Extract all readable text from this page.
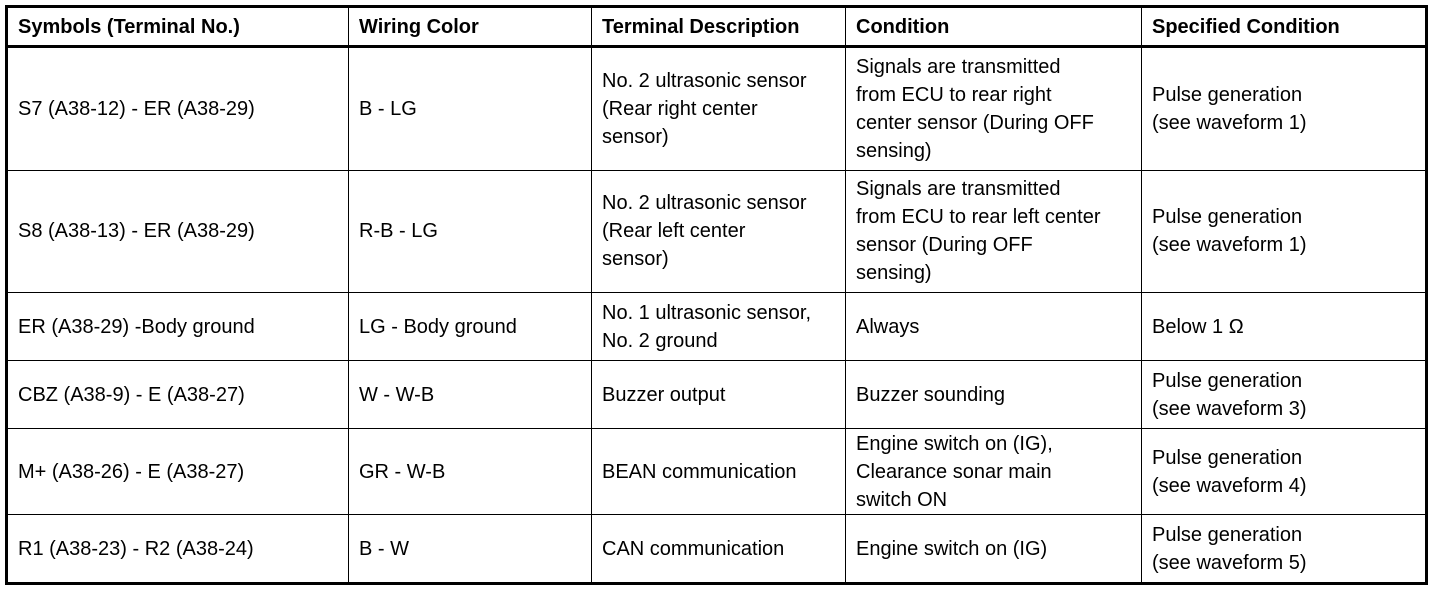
Symbols (Terminal No.)	Wiring Color	Terminal Description	Condition	Specified Condition
S7 (A38-12) - ER (A38-29)	B - LG	No. 2 ultrasonic sensor
(Rear right center
sensor)	Signals are transmitted
from ECU to rear right
center sensor (During OFF
sensing)	Pulse generation
(see waveform 1)
S8 (A38-13) - ER (A38-29)	R-B - LG	No. 2 ultrasonic sensor
(Rear left center
sensor)	Signals are transmitted
from ECU to rear left center
sensor (During OFF
sensing)	Pulse generation
(see waveform 1)
ER (A38-29) -Body ground	LG - Body ground	No. 1 ultrasonic sensor,
No. 2 ground	Always	Below 1 Ω
CBZ (A38-9) - E (A38-27)	W - W-B	Buzzer output	Buzzer sounding	Pulse generation
(see waveform 3)
M+ (A38-26) - E (A38-27)	GR - W-B	BEAN communication	Engine switch on (IG),
Clearance sonar main
switch ON	Pulse generation
(see waveform 4)
R1 (A38-23) - R2 (A38-24)	B - W	CAN communication	Engine switch on (IG)	Pulse generation
(see waveform 5)
